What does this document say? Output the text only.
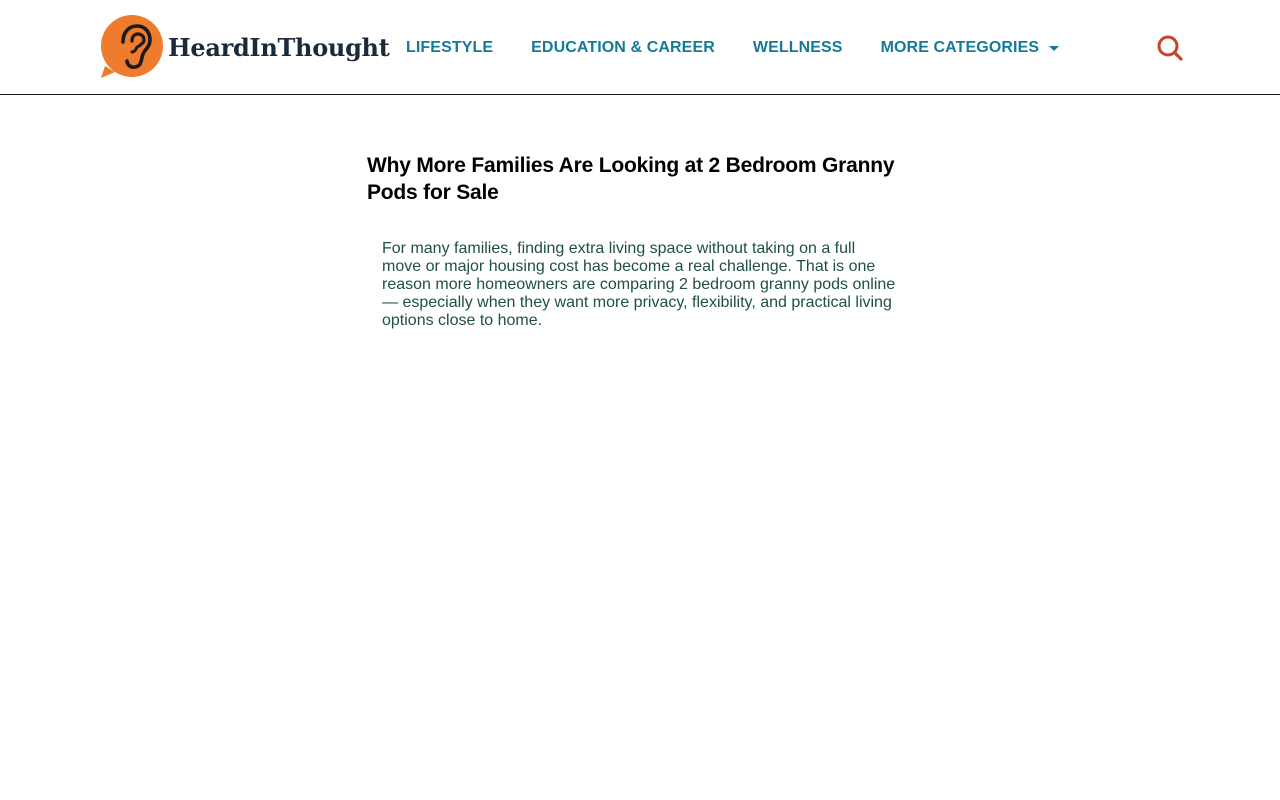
HeardInThought LIFESTYLE EDUCATION & CAREER WELLNESS MORE CATEGORIES
Why More Families Are Looking at 2 Bedroom Granny Pods for Sale

For many families, finding extra living space without taking on a full move or major housing cost has become a real challenge. That is one reason more homeowners are comparing 2 bedroom granny pods online — especially when they want more privacy, flexibility, and practical living options close to home.
